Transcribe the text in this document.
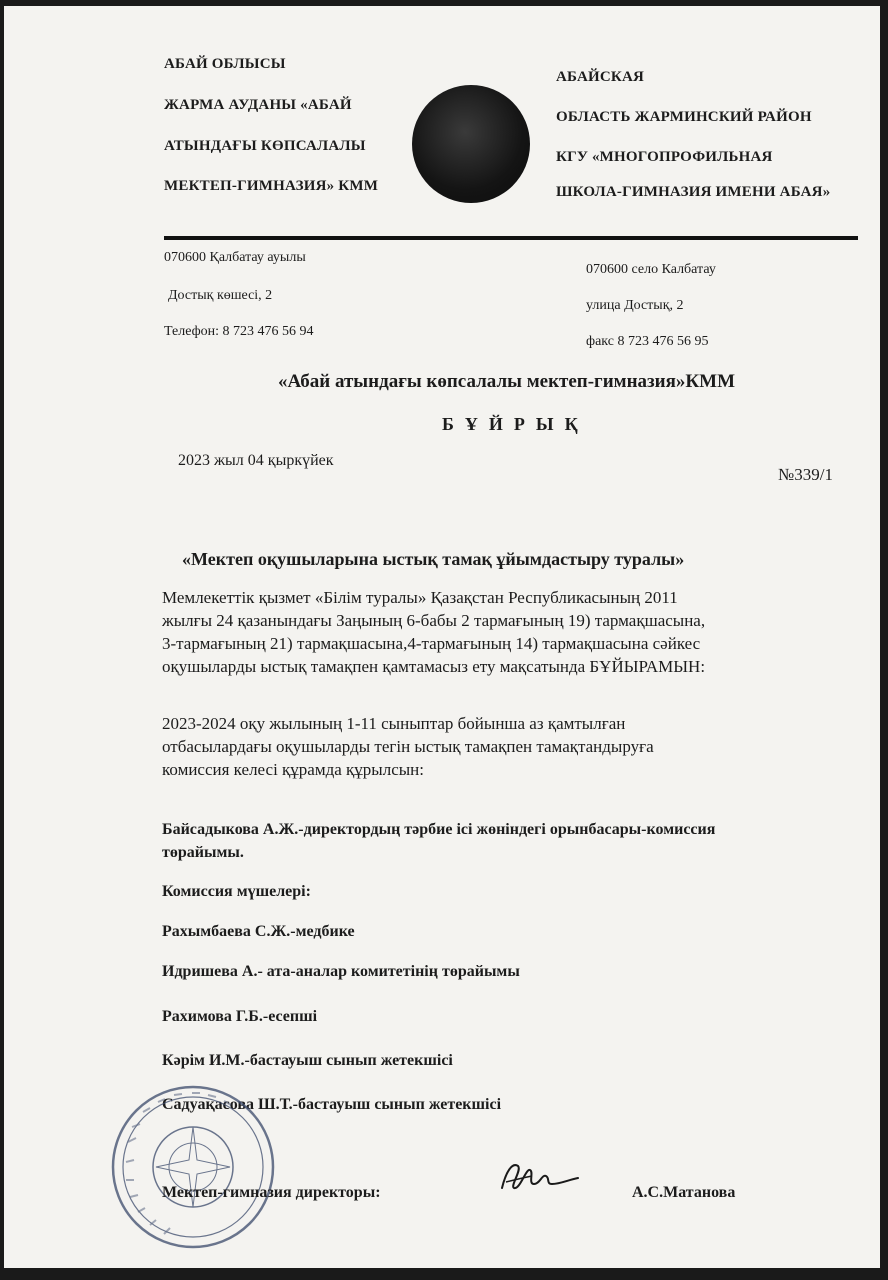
АБАЙ ОБЛЫСЫ
ЖАРМА АУДАНЫ «АБАЙ
АТЫНДАҒЫ КӨПСАЛАЛЫ
МЕКТЕП-ГИМНАЗИЯ» КММ
АБАЙСКАЯ
ОБЛАСТЬ ЖАРМИНСКИЙ РАЙОН
КГУ «МНОГОПРОФИЛЬНАЯ
ШКОЛА-ГИМНАЗИЯ ИМЕНИ АБАЯ»
070600 Қалбатау ауылы
Достық көшесі, 2
Телефон: 8 723 476 56 94
070600 село Калбатау
улица Достық, 2
факс 8 723 476 56 95
«Абай атындағы көпсалалы мектеп-гимназия»КММ
БҰЙРЫҚ
2023 жыл 04 қыркүйек
№339/1
«Мектеп оқушыларына ыстық тамақ ұйымдастыру туралы»
Мемлекеттік қызмет «Білім туралы» Қазақстан Республикасының 2011
жылғы 24 қазанындағы Заңының 6-бабы 2 тармағының 19) тармақшасына,
3-тармағының 21) тармақшасына,4-тармағының 14) тармақшасына сәйкес
оқушыларды ыстық тамақпен қамтамасыз ету мақсатында БҰЙЫРАМЫН:
2023-2024 оқу жылының 1-11 сыныптар бойынша аз қамтылған
отбасылардағы оқушыларды тегін ыстық тамақпен тамақтандыруға
комиссия келесі құрамда құрылсын:
Байсадыкова А.Ж.-директордың тәрбие ісі жөніндегі орынбасары-комиссия
төрайымы.
Комиссия мүшелері:
Рахымбаева С.Ж.-медбике
Идришева А.- ата-аналар комитетінің төрайымы
Рахимова Г.Б.-есепші
Кәрім И.М.-бастауыш сынып жетекшісі
Садуақасова Ш.Т.-бастауыш сынып жетекшісі
Мектеп-гимназия директоры:	А.С.Матанова
